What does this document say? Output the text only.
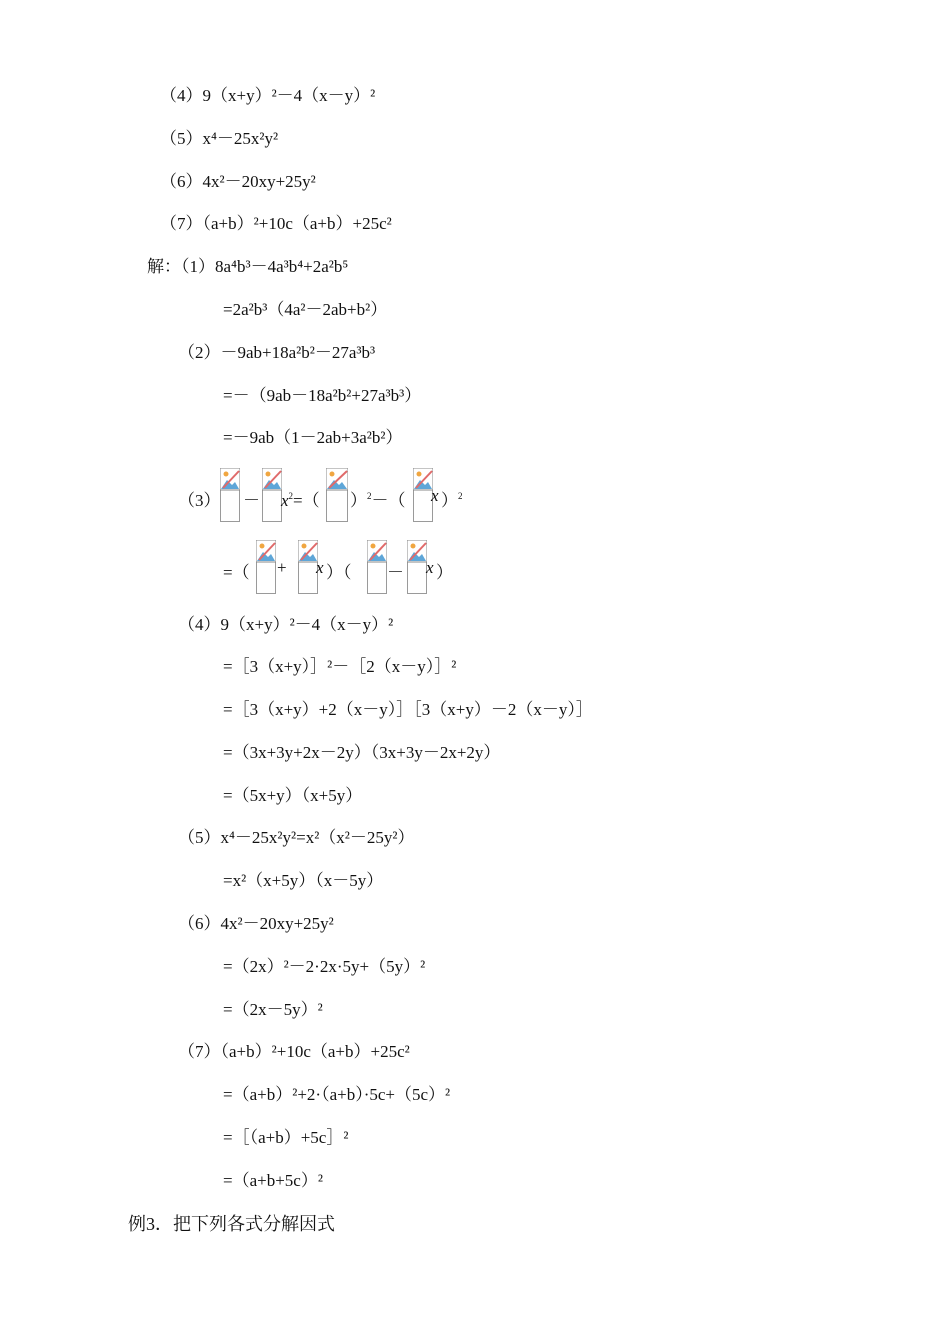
（4）9（x+y）²－4（x－y）²
（5）x⁴－25x²y²
（6）4x²－20xy+25y²
（7）（a+b）²+10c（a+b）+25c²
解：（1）8a⁴b³－4a³b⁴+2a²b⁵
=2a²b³（4a²－2ab+b²）
（2）－9ab+18a²b²－27a³b³
=－（9ab－18a²b²+27a³b³）
=－9ab（1－2ab+3a²b²）
$(3) - x^2=$（ ）$^2$－（ x ）$^2$
=（ + x ）（ － x ）
（4）9（x+y）²－4（x－y）²
=［3（x+y）］²－［2（x－y）］²
=［3（x+y）+2（x－y）］［3（x+y）－2（x－y）］
=（3x+3y+2x－2y）（3x+3y－2x+2y）
=（5x+y）（x+5y）
（5）x⁴－25x²y²=x²（x²－25y²）
=x²（x+5y）（x－5y）
（6）4x²－20xy+25y²
=（2x）²－2·2x·5y+（5y）²
=（2x－5y）²
（7）（a+b）²+10c（a+b）+25c²
=（a+b）²+2·（a+b）·5c+（5c）²
=［（a+b）+5c］²
=（a+b+5c）²
例3．把下列各式分解因式
